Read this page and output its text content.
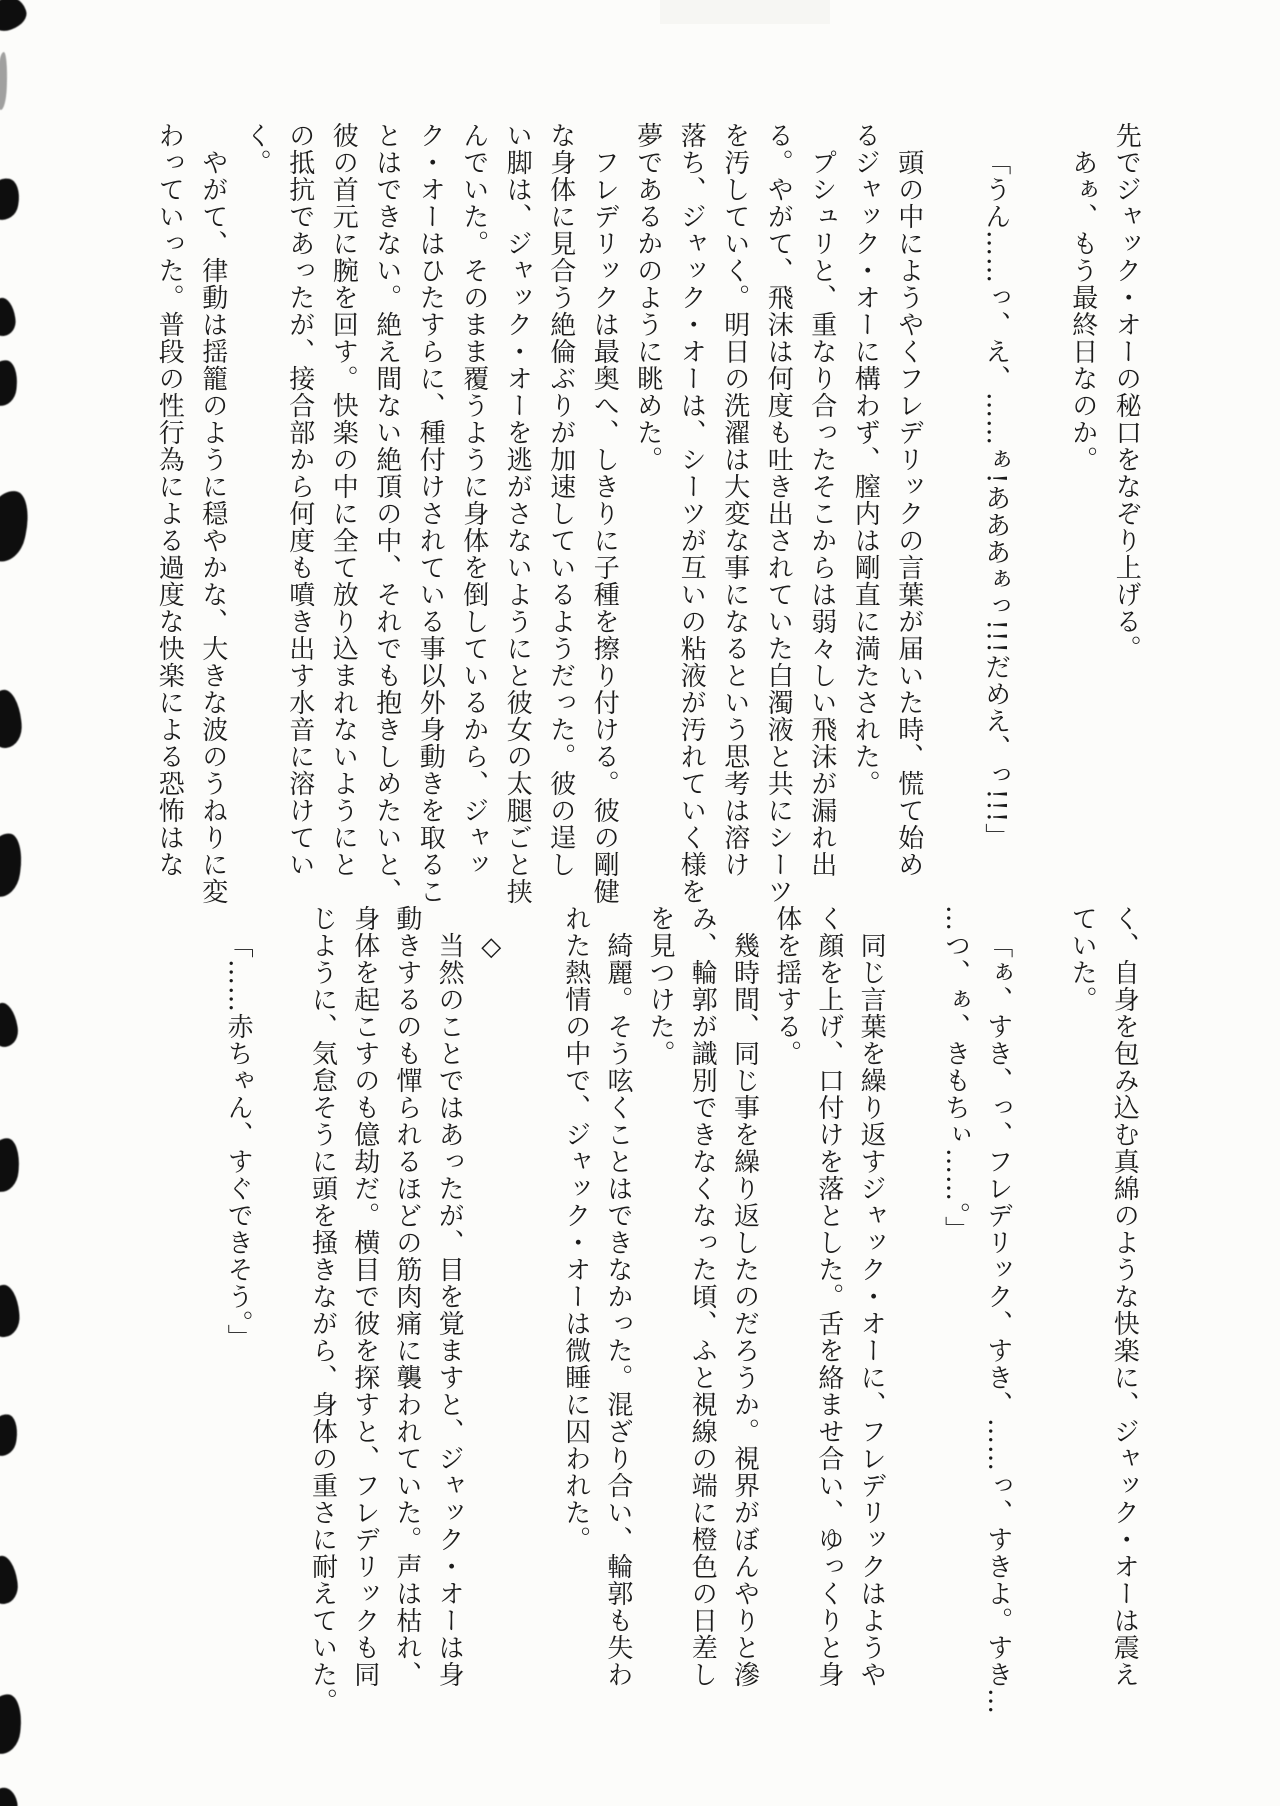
先でジャック・オーの秘口をなぞり上げる。
あぁ、もう最終日なのか。
「うん……っ、え、……ぁ!あああぁっ!!!だめえ、っ!!!」
頭の中にようやくフレデリックの言葉が届いた時、慌て始め
るジャック・オーに構わず、膣内は剛直に満たされた。
プシュリと、重なり合ったそこからは弱々しい飛沫が漏れ出
る。やがて、飛沫は何度も吐き出されていた白濁液と共にシーツ
を汚していく。明日の洗濯は大変な事になるという思考は溶け
落ち、ジャック・オーは、シーツが互いの粘液が汚れていく様を
夢であるかのように眺めた。
フレデリックは最奥へ、しきりに子種を擦り付ける。彼の剛健
な身体に見合う絶倫ぶりが加速しているようだった。彼の逞し
い脚は、ジャック・オーを逃がさないようにと彼女の太腿ごと挟
んでいた。そのまま覆うように身体を倒しているから、ジャッ
ク・オーはひたすらに、種付けされている事以外身動きを取るこ
とはできない。絶え間ない絶頂の中、それでも抱きしめたいと、
彼の首元に腕を回す。快楽の中に全て放り込まれないようにと
の抵抗であったが、接合部から何度も噴き出す水音に溶けてい
く。
やがて、律動は揺籠のように穏やかな、大きな波のうねりに変
わっていった。普段の性行為による過度な快楽による恐怖はな
く、自身を包み込む真綿のような快楽に、ジャック・オーは震え
ていた。
「ぁ、すき、っ、フレデリック、すき、……っ、すきよ。すき…
…つ、ぁ、きもちぃ……。」
同じ言葉を繰り返すジャック・オーに、フレデリックはようや
く顔を上げ、口付けを落とした。舌を絡ませ合い、ゆっくりと身
体を揺する。
幾時間、同じ事を繰り返したのだろうか。視界がぼんやりと滲
み、輪郭が識別できなくなった頃、ふと視線の端に橙色の日差し
を見つけた。
綺麗。そう呟くことはできなかった。混ざり合い、輪郭も失わ
れた熱情の中で、ジャック・オーは微睡に囚われた。
◇
当然のことではあったが、目を覚ますと、ジャック・オーは身
動きするのも憚られるほどの筋肉痛に襲われていた。声は枯れ、
身体を起こすのも億劫だ。横目で彼を探すと、フレデリックも同
じように、気怠そうに頭を掻きながら、身体の重さに耐えていた。
「……赤ちゃん、すぐできそう。」
